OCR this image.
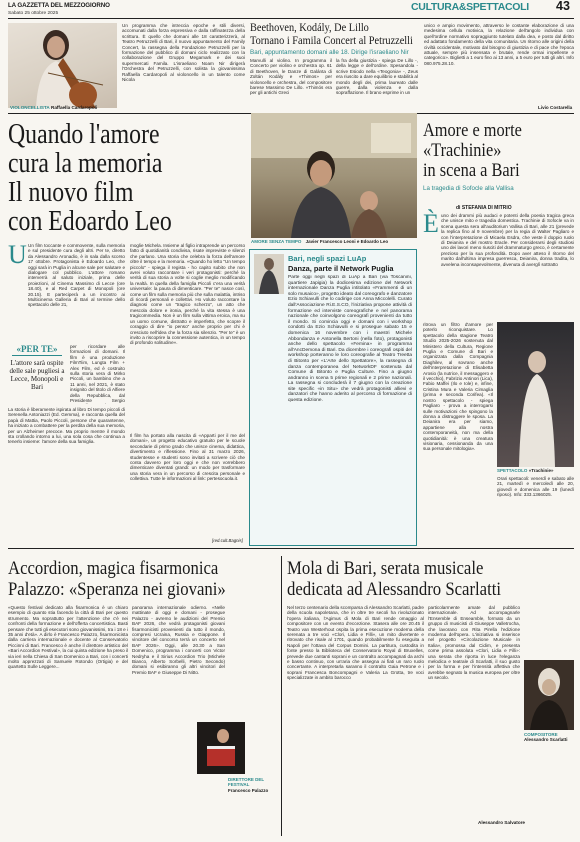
LA GAZZETTA DEL MEZZOGIORNO
Sabato 25 ottobre 2025
CULTURA&SPETTACOLI 43
VIOLONCELLISTA Raffaella Cardaropoli
Un programma che intreccia epoche e stili diversi, accomunati dalla forza espressiva e dalla raffinatezza della scrittura. È quello che domani alle 18 caratterizzerà, al Teatro Petruzzelli di Bari, il nuovo appuntamento del Family Concert, la rassegna della Fondazione Petruzzelli per la formazione del pubblico di domani ciclo realizzato con la collaborazione del Gruppo Megamark e dei suoi supermercati Famila. L'israeliano Noam Nir dirigerà l'Orchestra del Petruzzelli, con solista la giovanissima Raffaella Cardaropoli al violoncello in un talento come Nicola
Beethoven, Kodály, De Lillo
Tornano i Famila Concert al Petruzzelli
Bari, appuntamento domani alle 18. Dirige l'israeliano Nir
Marvulli al violino. In programma il Concerto per violino e orchestra op. 61 di Beethoven, le Danze di Galánta di Zoltán Kodály e «Thimos» per violoncello e orchestra, del compositore barese Massimo De Lillo. «Thimós era per gli antichi Greci
la fra della giustizia - spiega De Lillo -, della legge e dell'ordine. Spesandola - scrive Esiodo nella «Teogonia» -, Zeus era riuscito a dare equilibrio e stabilità al mondo degli dei, prima laureato dalle guerre, dalla violenza e dalla sopraffazione. Il brano esprime in un
unico e ampio movimento, attraverso le costante elaborazione di una medesima cellula motivica, la relazione dell'angolo individua con quell'ordine normativo sopraggiunto tutelato dalla dea, e posto dal diritto ed adattato fondamento della vita comunitaria. Un ritorno alle origini della civiltà occidentale, motivato dal bisogno di giustizia e di pace che l'epoca attuale, sempre più insensata e brutale, rende ormai impellente e categorico». Biglietti a 1 euro fino ai 13 anni, a 5 euro per tutti gli altri. Info 080.975.28.10.
Livio Costarella
Quando l'amore
cura la memoria
Il nuovo film
con Edoardo Leo
AMORE SENZA TEMPO Javier Francesco Leoni e Edoardo Leo
U Un film toccante e commovente, sulla memoria e sul presidente cura degli altri. Per te, diretto da Alessandro Aronadio, è in sala dalla scorso 17 ottobre. Protagonista è Edoardo Leo, che oggi sarà in Puglia in alcune sale per salutare e dialogare col pubblico. L'attore romano interverrà al saluto iniziale, prima delle proiezioni, al Cinema Massimo di Lecce (ore 18.40), e al Red Carpet di Monopoli (ore 20.15). E parteciperà a un incontro ai Multicinema Galleria di Bari al termine dello spettacolo delle 21,
«PER TE»
L'attore sarà ospite delle sale pugliesi a Lecce, Monopoli e Bari
per ricordare alle formazioni di domani. Il film è una produzione FilmTiim, Lungta Film + Alex Film, ed è costruito sulla storia vera di Mirko Piccoli, un bambino che a 11 anni, nel 2021, è stato insignito del titolo di Alfiere della Repubblica, dal Presidente Sergio
La storia è liberamente ispirata al libro Di tempo piccoli di Serenella Antoniazzi (Ed. Gemma), e racconta quella del papà di Mattia, Paolo Piccoli, persone che quarantenne, ha iniziato a combattere per la perdita della sua memoria, per un Alzheimer precoce. Ma proprio mentre il mondo sta crollando intorno a lui, una sola cosa che continua a tenerlo insieme: l'amore della sua famiglia.
moglie Michela. Insieme al figlio intraprende un percorso fatto di quotidianità condivisa, risate impreviste e silenzi che parlano. Una storia che celebra la forza dell'amore oltre il tempo e la memoria. «Quando ho letto "Un tempo piccolo" - spiega il regista - ho capito subito che non avrei voluto raccontare i veri protagonisti: perché la verità di sua storia a volte si coglie meglio modificando la realtà. In quella della famiglia Piccoli c'era una verità universale: la paura di dimenticare. "Per te" nasce così, come un film sulla memoria più che sulla malattia, intriso di ricordi personali e collettivi. Ho voluto raccontare la diagnosi come un "tragico scherzo", un atto che mescola dolore e ironia, perché la vita stessa è una tragicommedia. Non è un film sulla vittima eroica, ma su un uomo comune, distratto e imperfetto, che scopre il coraggio di dire "io penso" anche proprio per chi è cresciuto nell'idea che la forza sia silenzio. "Per te" è un invito a riscoprire la connessione autentica, in un tempo di profondo solitudine».
Il film ha portato alla nascita di «Apparti per il me del domani», un progetto educativo gratuito per le scuole secondarie di primo grado che unisce cinema, didattica, divertimento e riflessione. Fino al 31 marzo 2026, studentesse e studenti sono invitati a scrivere ciò che conta davvero per loro oggi e che non vorrebbero dimenticare diventati grandi: un modo per trasformare una storia vera in un percorso di crescita personale e collettiva. Tutte le informazioni al link: pertesocuola.it.
[red.cult.Bagnis]
Bari, negli spazi LuAp
Danza, parte il Network Puglia
Parte oggi negli spazi di LuAp a Bari (via Toscanini, quartiere Japigia) la dodicesima edizione del Network internazionale Danza Puglia intitolato «Frammenti di un solo musaico», progetto ideato dal coreografo e danzatore Ezio Schiavulli che lo codirige con Anna Miccolelli. Curato dall'Associazione Ri.E.S.CO, l'iniziativa propone attività di formazione ed interviste coreografiche e nel panorama nazionale che coinvolgono coreografi provenienti da tutto il mondo. Si comincia oggi e domani con i workshop condotti da Ezio Schiavulli e si prosegue sabato 15 e domenica 16 novembre con i maestri Michele Abbondanza e Antonella Bertoni (nella foto), protagonisti anche dello spettacolo «Femina» in programma all'AncDemona di Bari. Da dicembre i coreografi ospiti del workshop porteranno le loro coreografie al Teatro Treetta di Bitonto per «L'Arte dello Spettatore», la rassegna di danza contemporanea del NetworkDF sostenuta dal Comune di Bitonto e Puglia Culture. Fino a giugno andranno in scena 5 prime regionali e 2 prime nazionali. La rassegna si concluderà il 7 giugno con la creazione site specific «in Situ» che vedrà protagonisti allievi e danzatori che hanno aderito al percorso di formazione di questa edizione.
Amore e morte
«Trachinie»
in scena a Bari
La tragedia di Sofocle alla Vallisa
di STEFANIA DI MITRIO
È uno dei drammi più audaci e potenti della poesia tragica greca che unisce mito e tragedia domestica. Trachinie di Sofocle va in scena questa sera all'auditorium Vallisa di Bari, alle 21 (prevede la replica fino al 9 novembre) per la regia di Walter Pagliaro e con l'interpretazione di Micaela Esdra, che veste il doppio ruolo di Deianira e del mostro Eracle. Per considerarsi degli studiosi uno dei lavori meno riusciti del drammaturgo greco, è certamente prezioso per la sua profondità. Dopo aver atteso il ritorno del marito dall'ultima impresa guerresca, Deianira, donna tradita, lo avvelena inconsapevolmente, divenuta di averglí sottratto
ritrova un filtro d'amore per poterlo riconquistare. Lo spettacolo della stagione Teatro Studio 2025-2026 sostenuta dal Ministero della Cultura, Regione Puglia e Comune di Bari e organizzata dalla Compagnia Diaghilev, al sovrano anche dell'interpretazione di Elisabetta Arosio (la nutrice, il messaggero e il vecchio), Fabrizio Antinori (Lica), Fabio Maffei (Ilo e Iole) e, infine, Cristina Mura e Valeria Cimaglia (prima e seconda Corifea). «Il nostro spettacolo - spiega Pagliaro - prova a interrogarsi sulle motivazioni che spingono la donna a distruggere le sposa. La Deianira era per siamo, appartiene alla nostra contemporaneità, non ma della quotidianità: è una creatura visionaria, cessionanda da una sua personale mitologia».
SPETTACOLO «Trachinie»
Orari spettacoli: venerdì e sabato alle 21, martedì e mercoledì alle 20, giovedì e domenica alle 19 (lunedì riposo). Info: 333.1366025.
Accordion, magica fisarmonica
Palazzo: «Speranza nei giovani»
«Questo festival dedicato alla fisarmonica è un chiaro esempio di quanto stia facendo la città di Bari per questo strumento. Ma soprattutto per l'attenzione che c'è nei confronti della formazione e dell'offerta concertistica. Basti pensare che tutti gli esecutori sono giovanissimi, tra i 18 e i 35 anni d'età». A dirlo è Francesco Palazzo, fisarmonicista dalla carriera internazionale e docente al Conservatorio Piccinni di Bari. Francesco è anche il direttore artistico del «Bari Accordion Festival», la cui quinta edizione ha preso il via ieri nella Chiesa di San Domenico a Bari, con i concerti molto apprezzati di Samuele Rotondo (Ortigia) e del quartetto Sulle Leggere...
panorama internazionale odierno. «Nelle mattinate di oggi e domani - prosegue Palazzo - avremo le audizioni del Premio BAF 2026, che vedrà protagonisti giovani fisarmonicisti provenienti da tutto il mondo, compresi Ucraina, Russia e Giappone. Il vincitore del concorso terrà un concerto nel BAF 2026». Oggi, alle 20.30 a San Domenico, programma i concerti con Victor Nedryha e il Sirius Accordion Trio (Michele Bianco, Alberto Sorbelli, Pietro Secondo) domani si esibiranno gli altri vincitori del Premio BAF e Giuseppe Di Nitto.
DIRETTORE DEL FESTIVAL
Francesco Palazzo
Mola di Bari, serata musicale
dedicata ad Alessandro Scarlatti
Nel terzo centenario della scomparsa di Alessandro Scarlatti, padre della scuola napoletana, che in oltre tre secoli ha rivoluzionato l'opera italiana, l'Agimus di Mola di Bari rende omaggio al compositore con un evento d'eccezione. Stasera alle ore 20.45 il Teatro van Westerhout ospita la prima esecuzione moderna della serenata a tre voci «Clori, Lidia e Filli», un mito divertente e ritrovato che risale al 1701, quando probabilmente fu eseguita a Napoli per l'ottava del Corpus Domini. La partitura, custodita in fonte presso la Biblioteca del Conservatorio Royal di Bruxelles, prevede due cantanti soprani e un contralto accompagnati da archi e basso continuo, con un'aria che assegna ai fiati un raro ruolo concertante. A interpretarla saranno il contralto Gaia Petrone e i soprani Francesca Boncompagni e Valeria La Grotta, tre voci specializzate in ambito barocco
particolarmente amate dal pubblico internazionale. Ad accompagnarle l'Ensemble di Enseamble, formato da un gruppo di musicisti di Giuseppe Valletrocha, che lavorano con Rita Pirella l'edizione moderna dell'opera. L'iniziativa si inserisce nel progetto «Circolazione Musicale in Italia», promossa dal Cidim, e presenta come prima assoluta «Clori, Lidia e Filli»: una serata che riporta in luce l'eleganza melodica e teatrale di Scarlatti, il suo gusto per la forma e per l'intensità affettiva che avrebbe segnato la musica europea per oltre un secolo.
COMPOSITORE
Alessandro Scarlatti
Alessandro Salvatore
